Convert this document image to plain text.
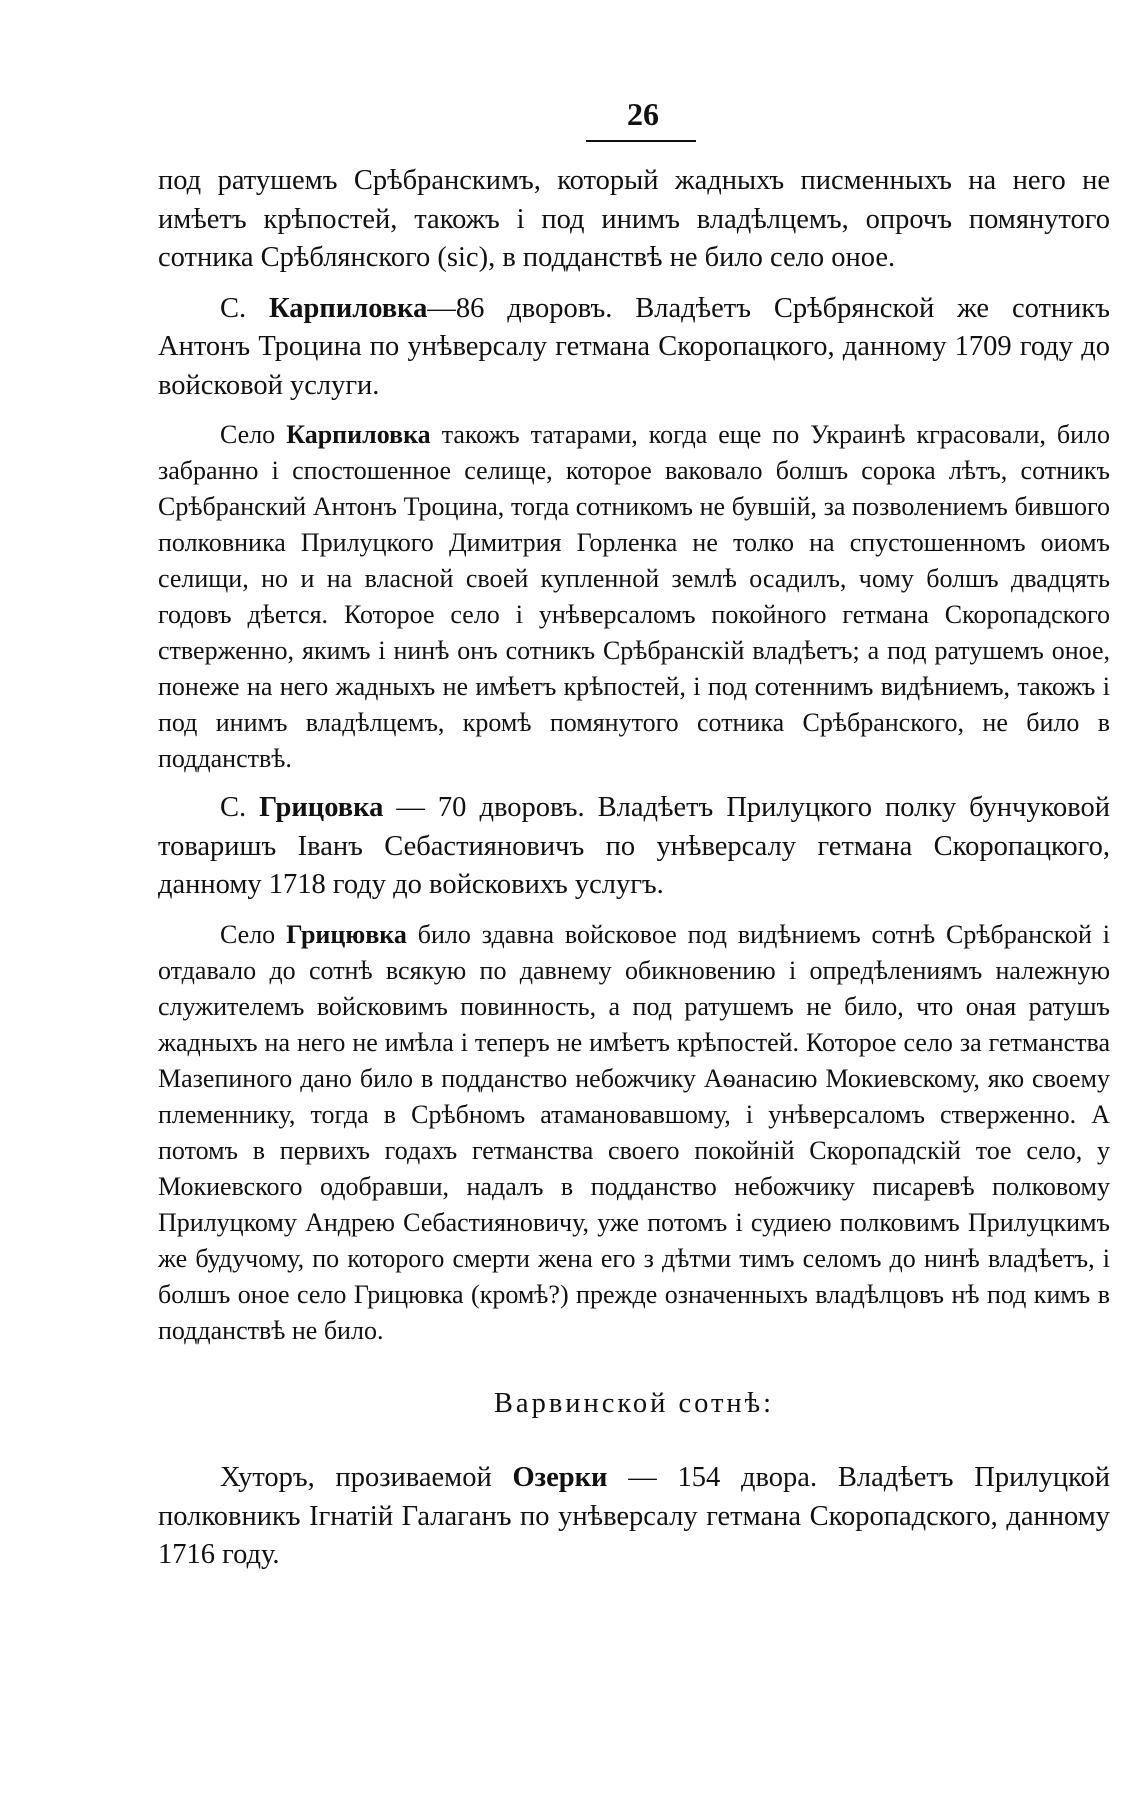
26

под ратушемъ Срѣбранскимъ, который жадныхъ писменныхъ на него не имѣетъ крѣпостей, такожъ і под инимъ владѣлцемъ, опрочъ помянутого сотника Срѣблянского (sic), в подданствѣ не било село оное.

С. Карпиловка—86 дворовъ. Владѣетъ Срѣбрянской же сотникъ Антонъ Троцина по унѣверсалу гетмана Скоропацкого, данному 1709 году до войсковой услуги.

Село Карпиловка такожъ татарами, когда еще по Украинѣ кграсовали, било забранно і спостошенное селище, которое ваковало болшъ сорока лѣтъ, сотникъ Срѣбранский Антонъ Троцина, тогда сотникомъ не бувшій, за позволениемъ бившого полковника Прилуцкого Димитрия Горленка не толко на спустошенномъ оиомъ селищи, но и на власной своей купленной землѣ осадилъ, чому болшъ двадцять годовъ дѣется. Которое село і унѣверсаломъ покойного гетмана Скоропадского стверженно, якимъ і нинѣ онъ сотникъ Срѣбранскій владѣетъ; а под ратушемъ оное, понеже на него жадныхъ не имѣетъ крѣпостей, і под сотеннимъ видѣниемъ, такожъ і под инимъ владѣлцемъ, кромѣ помянутого сотника Срѣбранского, не било в подданствѣ.

С. Грицовка — 70 дворовъ. Владѣетъ Прилуцкого полку бунчуковой товаришъ Іванъ Себастияновичъ по унѣверсалу гетмана Скоропацкого, данному 1718 году до войсковихъ услугъ.

Село Грицювка било здавна войсковое под видѣниемъ сотнѣ Срѣбранской і отдавало до сотнѣ всякую по давнему обикновению і опредѣлениямъ належную служителемъ войсковимъ повинность, а под ратушемъ не било, что оная ратушъ жадныхъ на него не имѣла і теперъ не имѣетъ крѣпостей. Которое село за гетманства Мазепиного дано било в подданство небожчику Аѳанасию Мокиевскому, яко своему племеннику, тогда в Срѣбномъ атамановавшому, і унѣверсаломъ стверженно. А потомъ в первихъ годахъ гетманства своего покойній Скоропадскій тое село, у Мокиевского одобравши, надалъ в подданство небожчику писаревѣ полковому Прилуцкому Андрею Себастияновичу, уже потомъ і судиею полковимъ Прилуцкимъ же будучому, по которого смерти жена его з дѣтми тимъ селомъ до нинѣ владѣетъ, і болшъ оное село Грицювка (кромѣ?) прежде означенныхъ владѣлцовъ нѣ под кимъ в подданствѣ не било.

Варвинской сотнѣ:

Хуторъ, прозиваемой Озерки — 154 двора. Владѣетъ Прилуцкой полковникъ Ігнатій Галаганъ по унѣверсалу гетмана Скоропадского, данному 1716 году.
